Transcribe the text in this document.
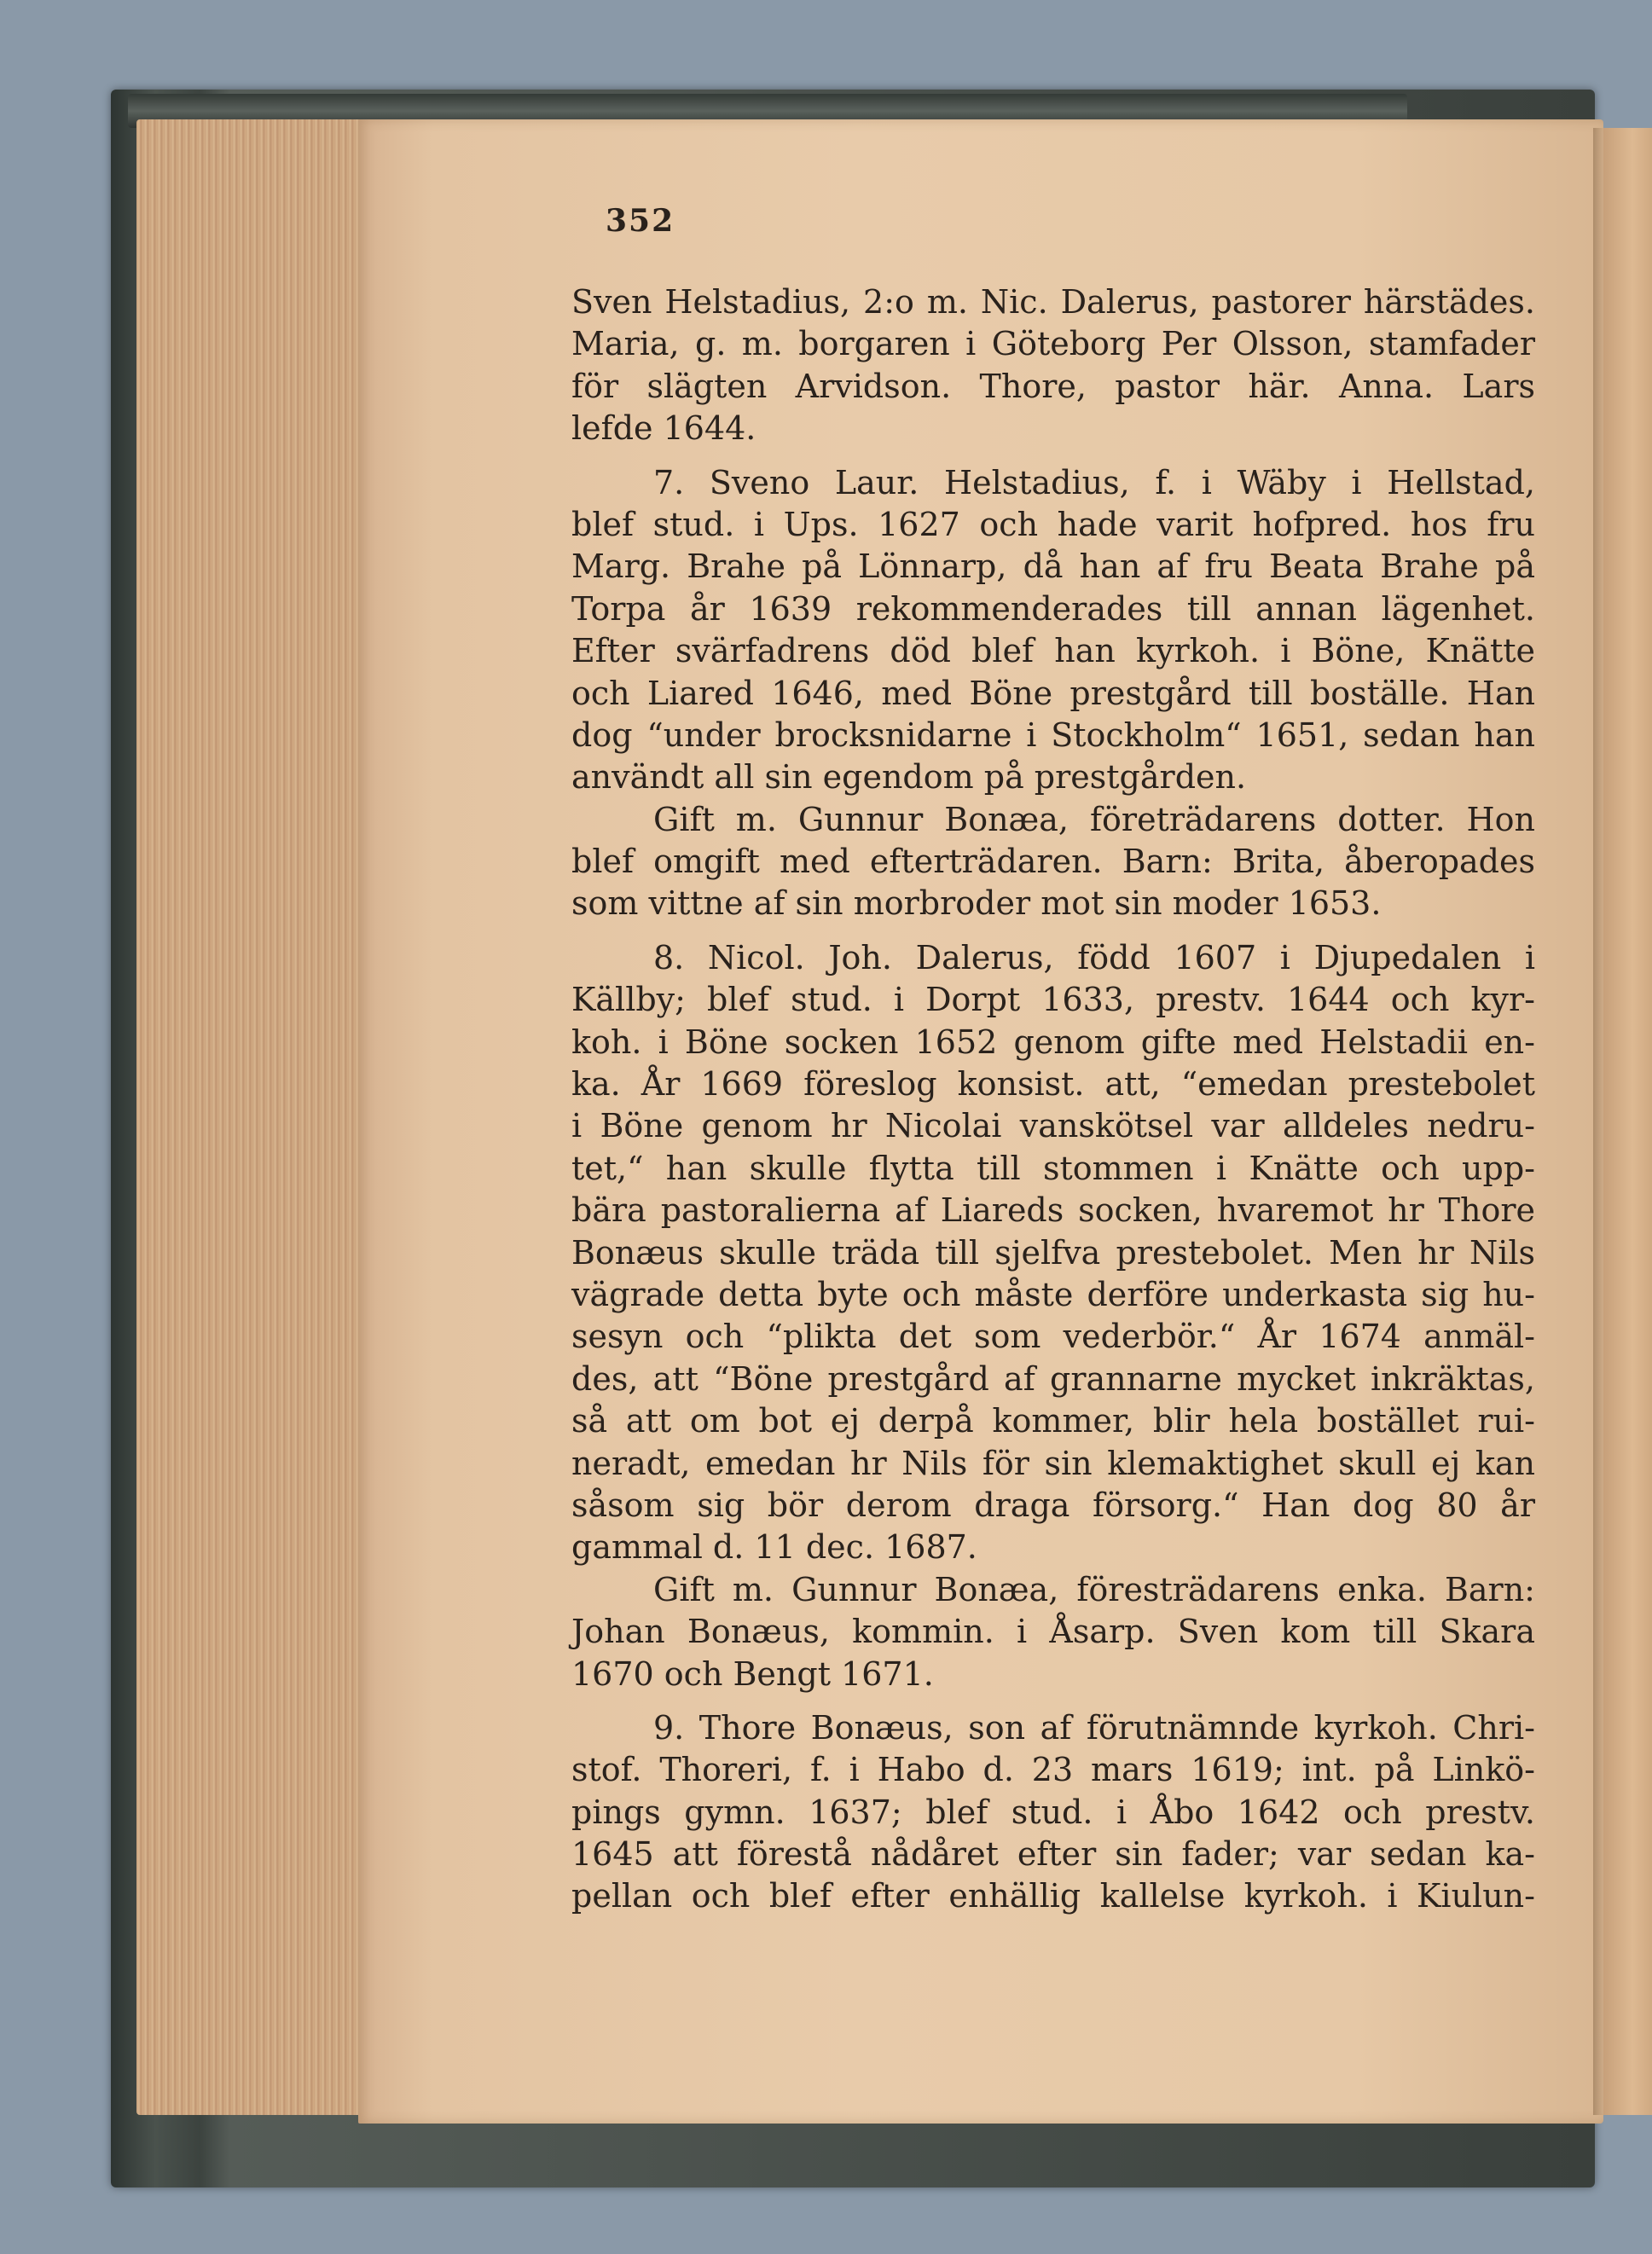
352
Sven Helstadius, 2:o m. Nic. Dalerus, pastorer härstädes.
Maria, g. m. borgaren i Göteborg Per Olsson, stamfader
för slägten Arvidson. Thore, pastor här. Anna. Lars
lefde 1644.
7. Sveno Laur. Helstadius, f. i Wäby i Hellstad,
blef stud. i Ups. 1627 och hade varit hofpred. hos fru
Marg. Brahe på Lönnarp, då han af fru Beata Brahe på
Torpa år 1639 rekommenderades till annan lägenhet.
Efter svärfadrens död blef han kyrkoh. i Böne, Knätte
och Liared 1646, med Böne prestgård till boställe. Han
dog “under brocksnidarne i Stockholm“ 1651, sedan han
användt all sin egendom på prestgården.
Gift m. Gunnur Bonæa, företrädarens dotter. Hon
blef omgift med efterträdaren. Barn: Brita, åberopades
som vittne af sin morbroder mot sin moder 1653.
8. Nicol. Joh. Dalerus, född 1607 i Djupedalen i
Källby; blef stud. i Dorpt 1633, prestv. 1644 och kyr-
koh. i Böne socken 1652 genom gifte med Helstadii en-
ka. År 1669 föreslog konsist. att, “emedan prestebolet
i Böne genom hr Nicolai vanskötsel var alldeles nedru-
tet,“ han skulle flytta till stommen i Knätte och upp-
bära pastoralierna af Liareds socken, hvaremot hr Thore
Bonæus skulle träda till sjelfva prestebolet. Men hr Nils
vägrade detta byte och måste derföre underkasta sig hu-
sesyn och “plikta det som vederbör.“ År 1674 anmäl-
des, att “Böne prestgård af grannarne mycket inkräktas,
så att om bot ej derpå kommer, blir hela bostället rui-
neradt, emedan hr Nils för sin klemaktighet skull ej kan
såsom sig bör derom draga försorg.“ Han dog 80 år
gammal d. 11 dec. 1687.
Gift m. Gunnur Bonæa, föresträdarens enka. Barn:
Johan Bonæus, kommin. i Åsarp. Sven kom till Skara
1670 och Bengt 1671.
9. Thore Bonæus, son af förutnämnde kyrkoh. Chri-
stof. Thoreri, f. i Habo d. 23 mars 1619; int. på Linkö-
pings gymn. 1637; blef stud. i Åbo 1642 och prestv.
1645 att förestå nådåret efter sin fader; var sedan ka-
pellan och blef efter enhällig kallelse kyrkoh. i Kiulun-
